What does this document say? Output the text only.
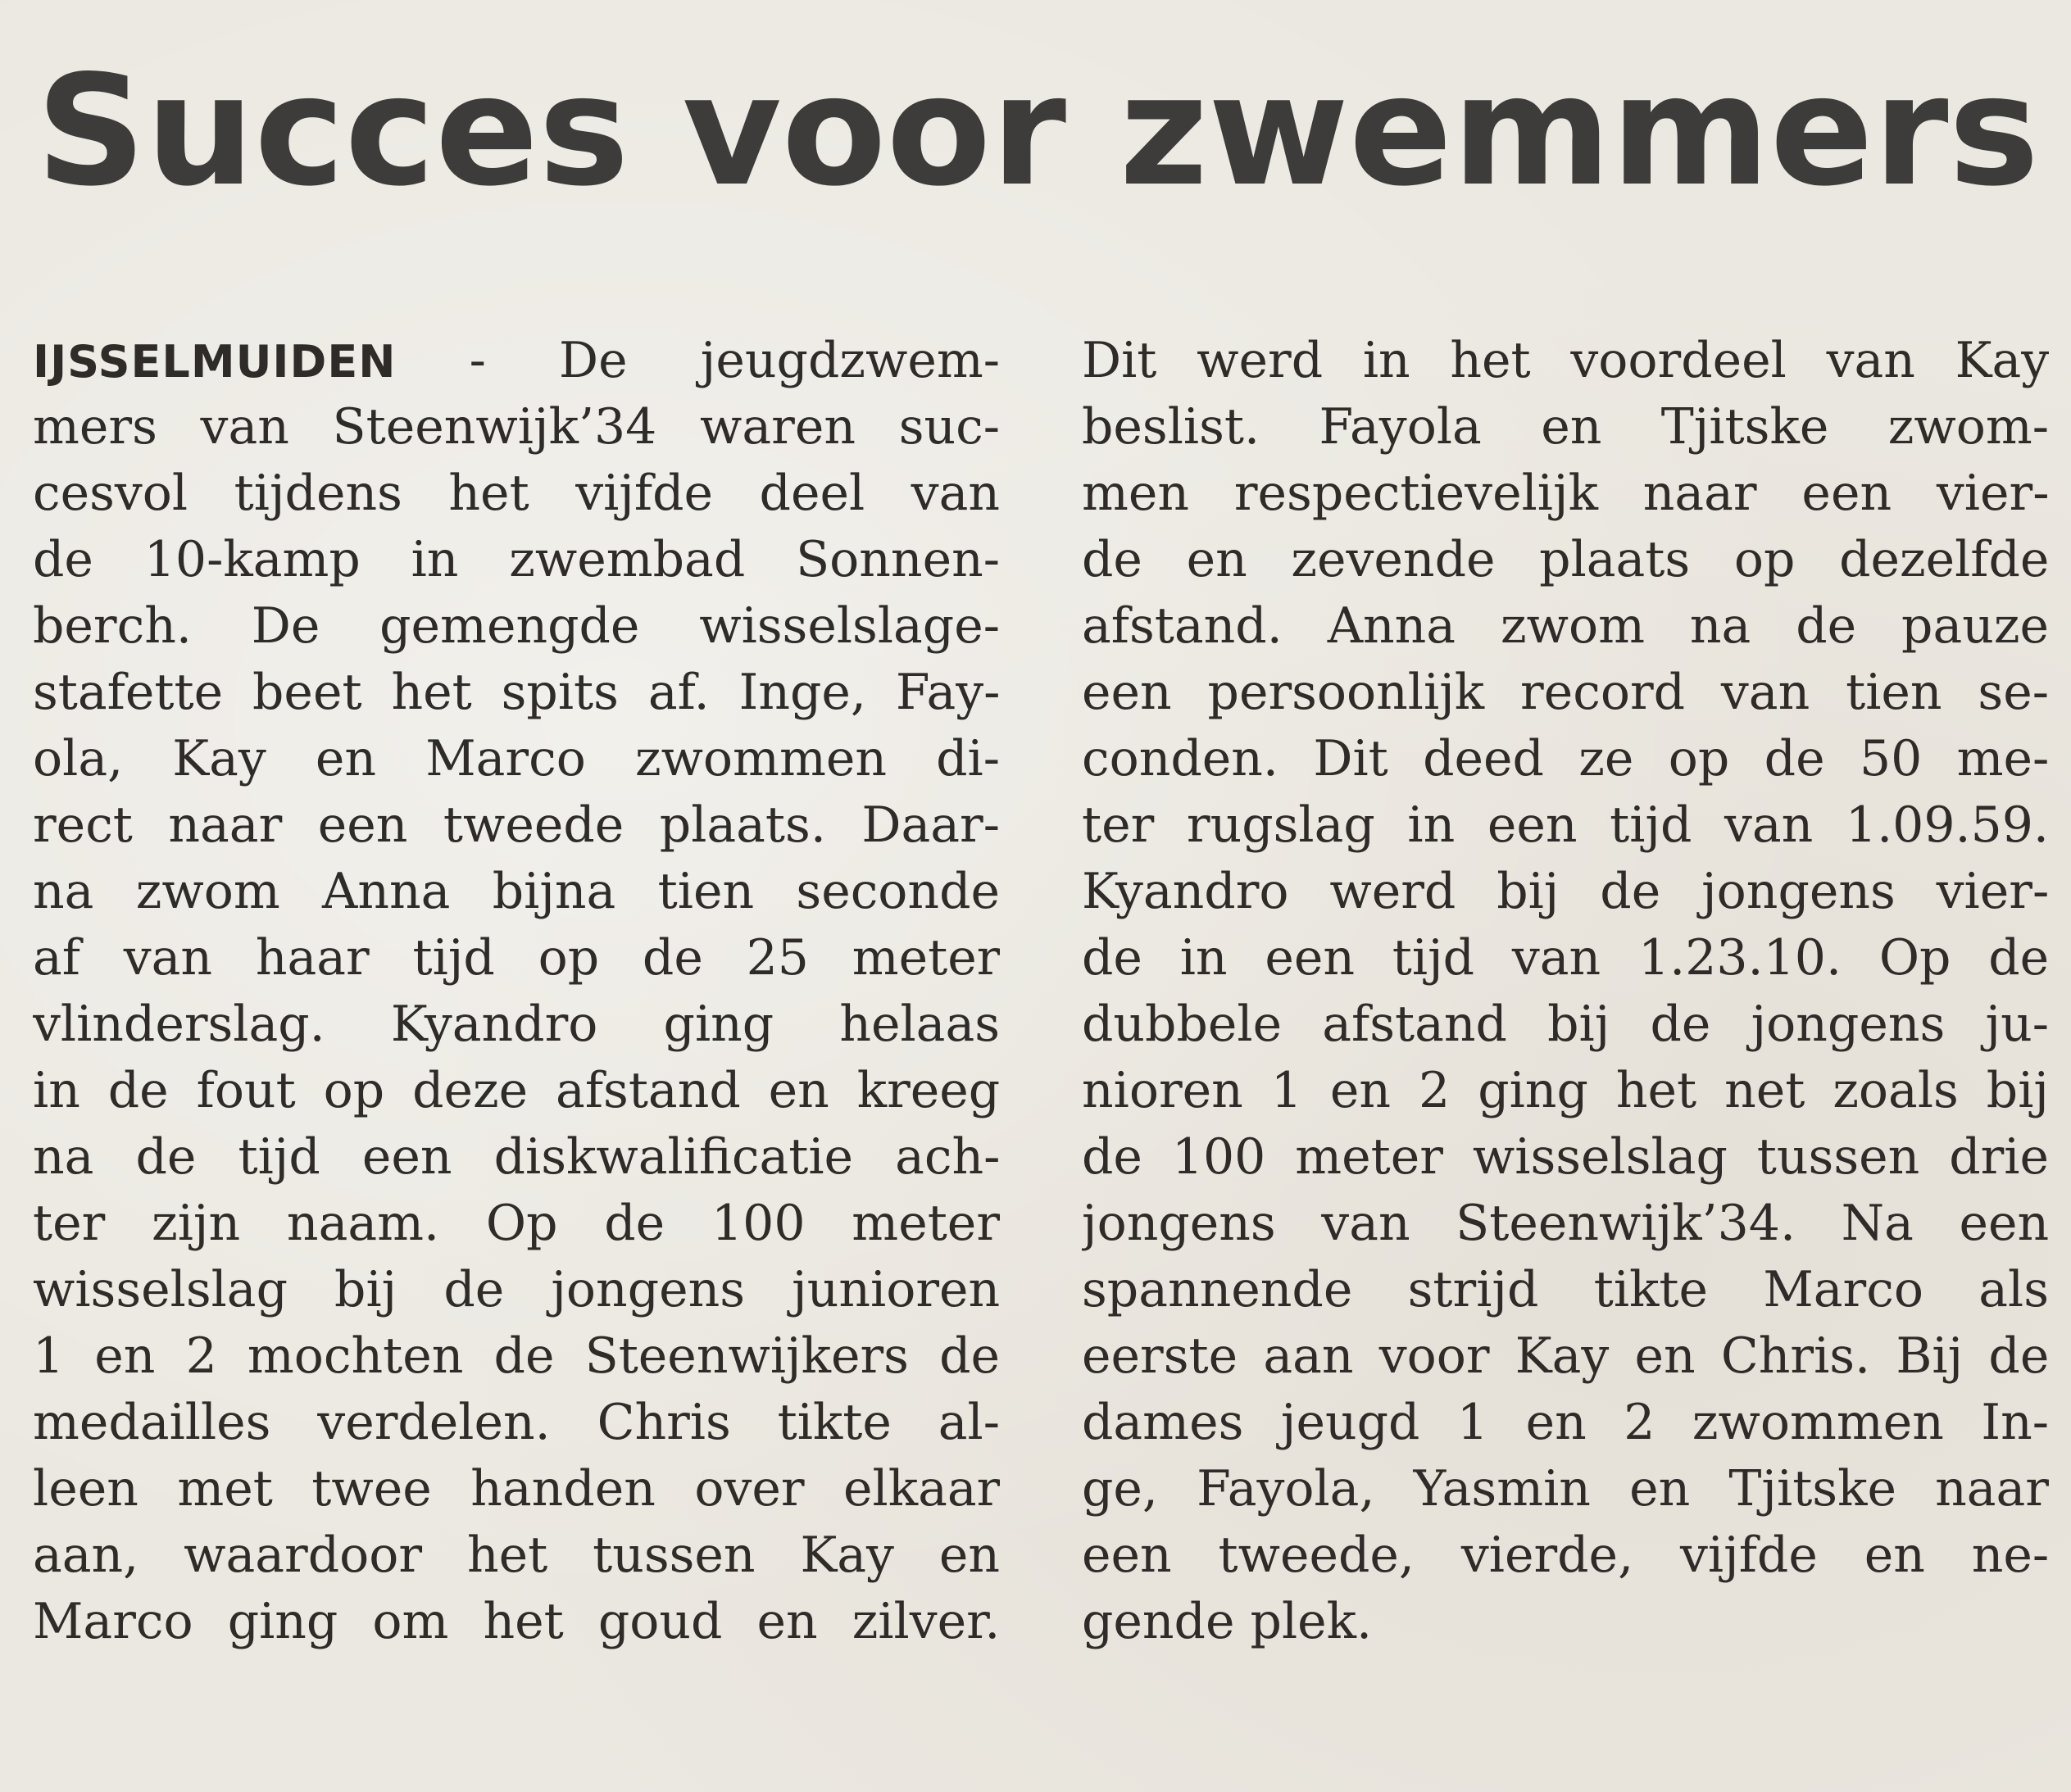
Succes voor zwemmers
IJSSELMUIDEN - De jeugdzwem-
mers van Steenwijk’34 waren suc-
cesvol tijdens het vijfde deel van
de 10-kamp in zwembad Sonnen-
berch. De gemengde wisselslage-
stafette beet het spits af. Inge, Fay-
ola, Kay en Marco zwommen di-
rect naar een tweede plaats. Daar-
na zwom Anna bijna tien seconde
af van haar tijd op de 25 meter
vlinderslag. Kyandro ging helaas
in de fout op deze afstand en kreeg
na de tijd een diskwalificatie ach-
ter zijn naam. Op de 100 meter
wisselslag bij de jongens junioren
1 en 2 mochten de Steenwijkers de
medailles verdelen. Chris tikte al-
leen met twee handen over elkaar
aan, waardoor het tussen Kay en
Marco ging om het goud en zilver.
Dit werd in het voordeel van Kay
beslist. Fayola en Tjitske zwom-
men respectievelijk naar een vier-
de en zevende plaats op dezelfde
afstand. Anna zwom na de pauze
een persoonlijk record van tien se-
conden. Dit deed ze op de 50 me-
ter rugslag in een tijd van 1.09.59.
Kyandro werd bij de jongens vier-
de in een tijd van 1.23.10. Op de
dubbele afstand bij de jongens ju-
nioren 1 en 2 ging het net zoals bij
de 100 meter wisselslag tussen drie
jongens van Steenwijk’34. Na een
spannende strijd tikte Marco als
eerste aan voor Kay en Chris. Bij de
dames jeugd 1 en 2 zwommen In-
ge, Fayola, Yasmin en Tjitske naar
een tweede, vierde, vijfde en ne-
gende plek.
